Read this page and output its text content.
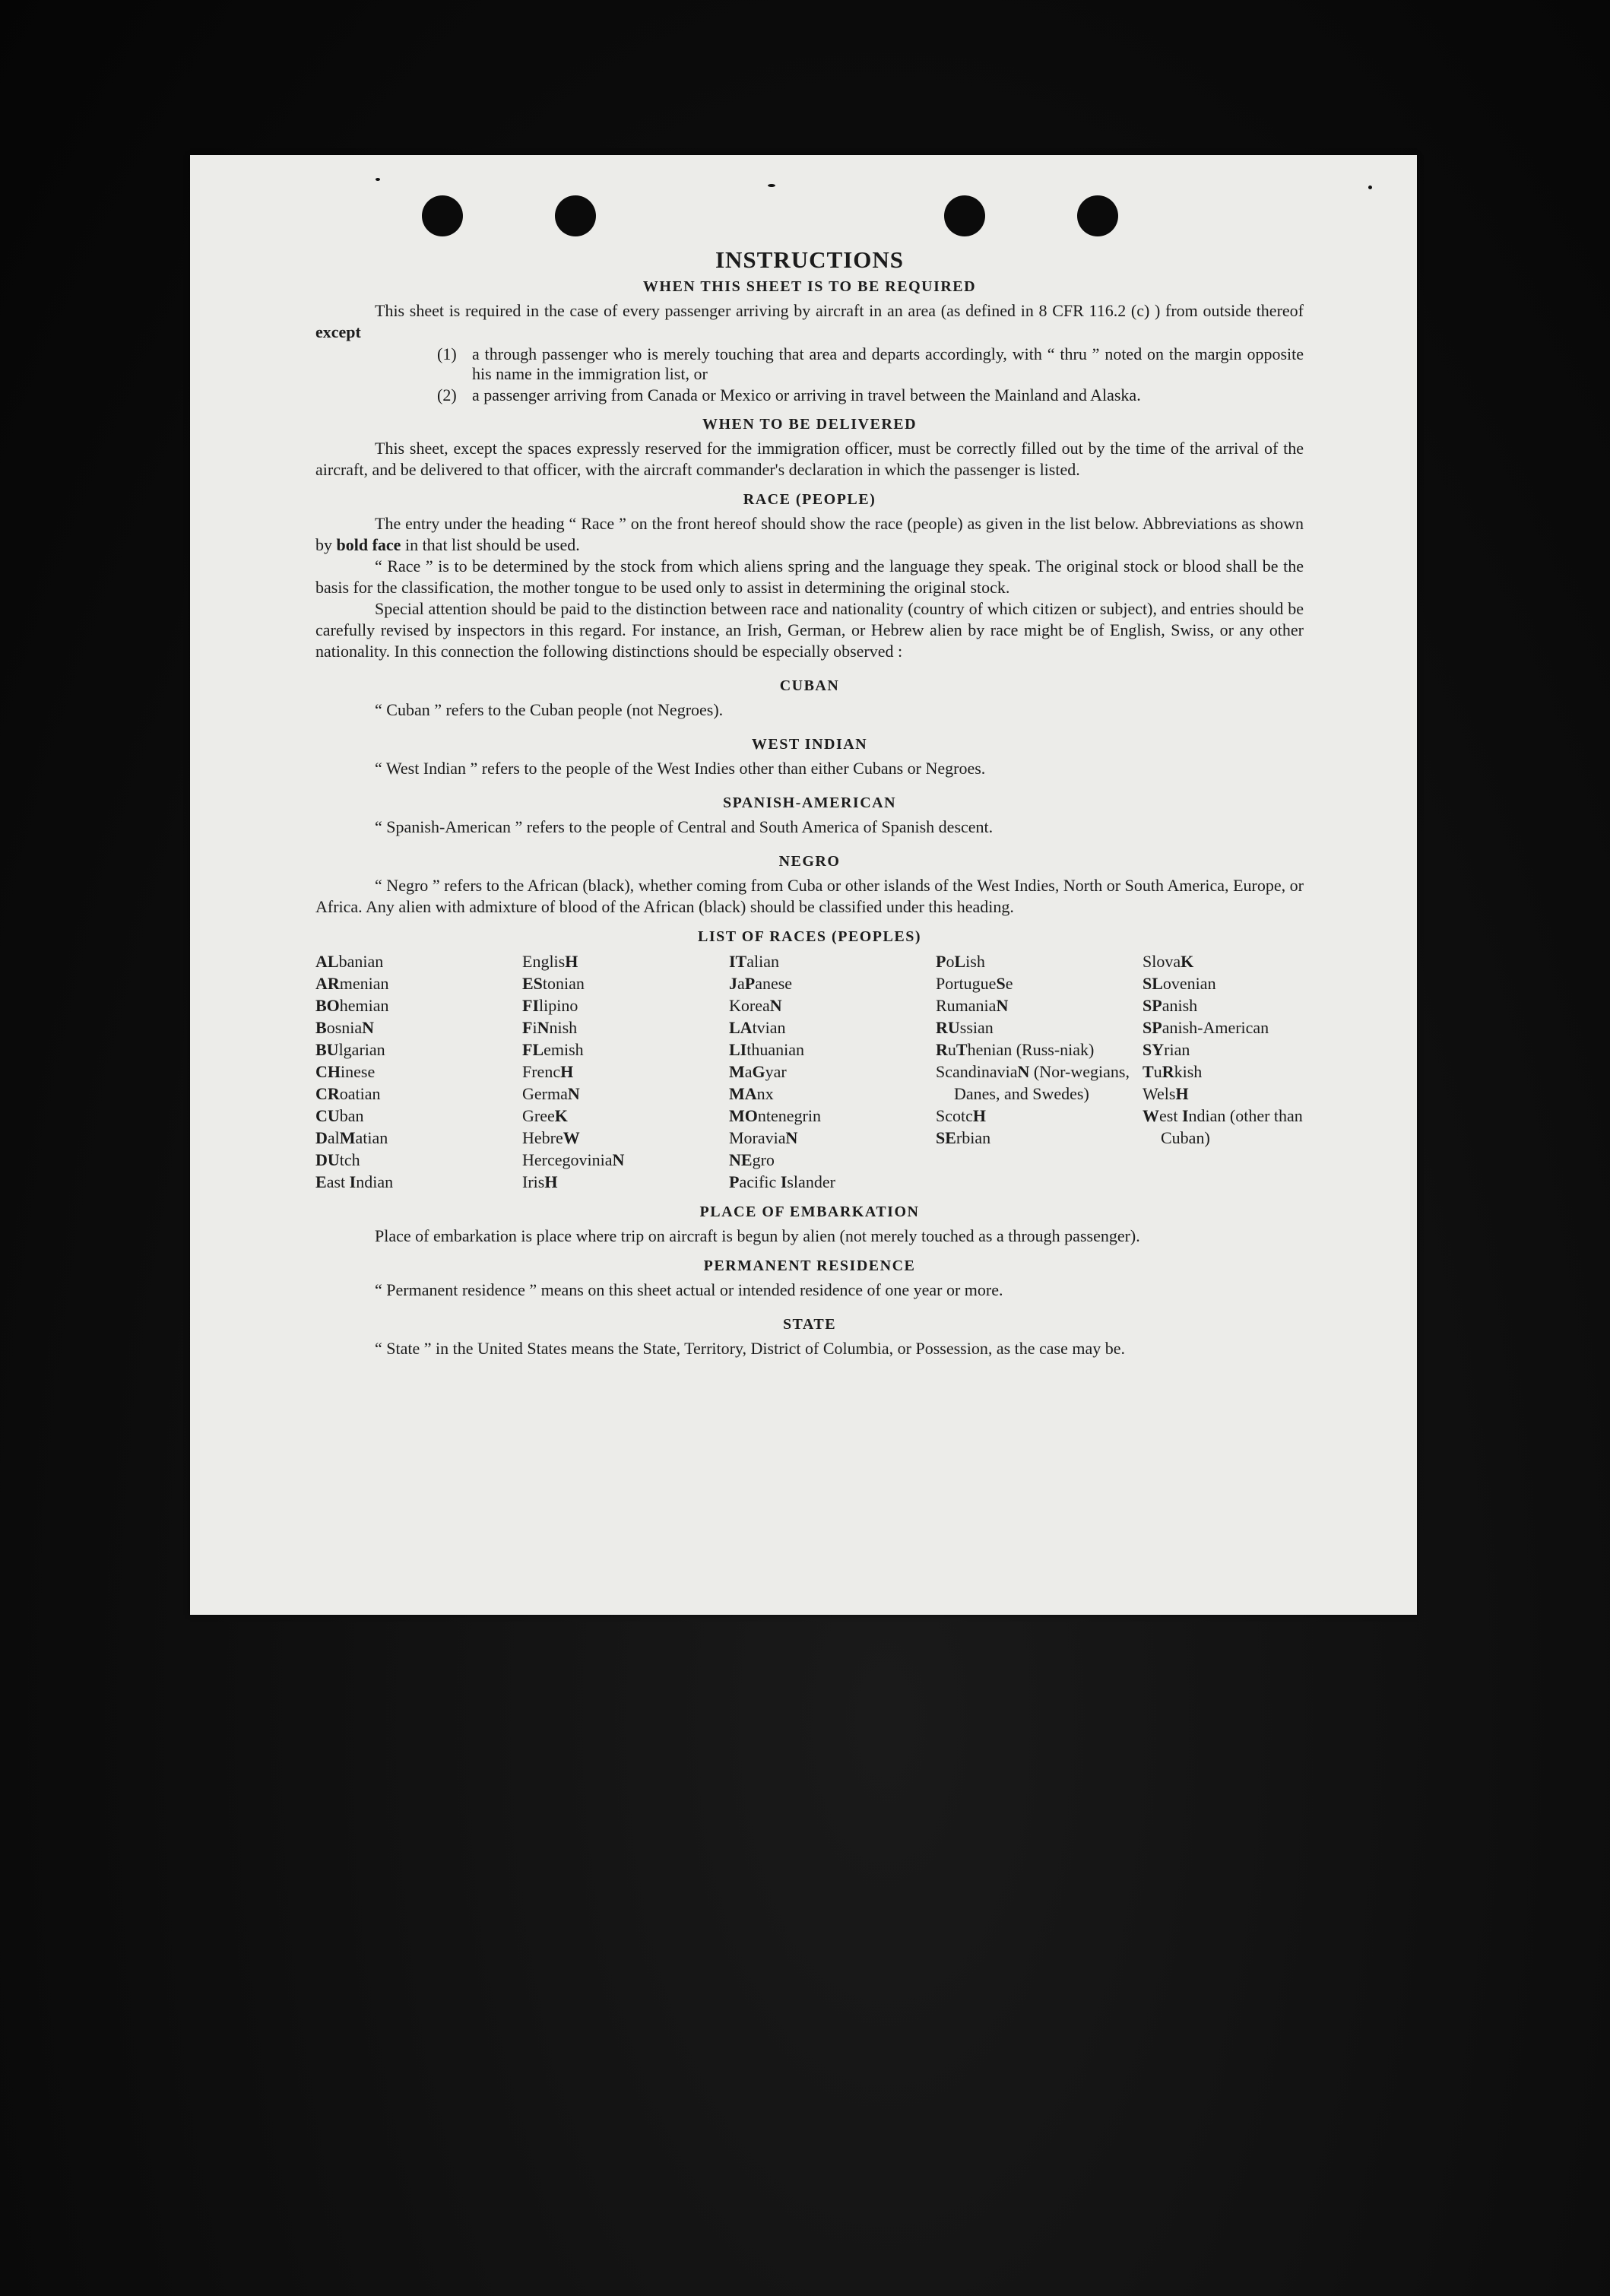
INSTRUCTIONS
WHEN THIS SHEET IS TO BE REQUIRED

This sheet is required in the case of every passenger arriving by aircraft in an area (as defined in 8 CFR 116.2 (c) ) from outside thereof except

(1) a through passenger who is merely touching that area and departs accordingly, with “ thru ” noted on the margin opposite his name in the immigration list, or
(2) a passenger arriving from Canada or Mexico or arriving in travel between the Mainland and Alaska.
WHEN TO BE DELIVERED

This sheet, except the spaces expressly reserved for the immigration officer, must be correctly filled out by the time of the arrival of the aircraft, and be delivered to that officer, with the aircraft commander's declaration in which the passenger is listed.

RACE (PEOPLE)

The entry under the heading “ Race ” on the front hereof should show the race (people) as given in the list below. Abbreviations as shown by bold face in that list should be used.

“ Race ” is to be determined by the stock from which aliens spring and the language they speak. The original stock or blood shall be the basis for the classification, the mother tongue to be used only to assist in determining the original stock.

Special attention should be paid to the distinction between race and nationality (country of which citizen or subject), and entries should be carefully revised by inspectors in this regard. For instance, an Irish, German, or Hebrew alien by race might be of English, Swiss, or any other nationality. In this connection the following distinctions should be especially observed :

CUBAN

“ Cuban ” refers to the Cuban people (not Negroes).

WEST INDIAN

“ West Indian ” refers to the people of the West Indies other than either Cubans or Negroes.

SPANISH-AMERICAN

“ Spanish-American ” refers to the people of Central and South America of Spanish descent.

NEGRO

“ Negro ” refers to the African (black), whether coming from Cuba or other islands of the West Indies, North or South America, Europe, or Africa. Any alien with admixture of blood of the African (black) should be classified under this heading.

LIST OF RACES (PEOPLES)
ALbanian
ARmenian
BOhemian
BosniaN
BUlgarian
CHinese
CRoatian
CUban
DalMatian
DUtch
East Indian
EnglisH
EStonian
FIlipino
FiNnish
FLemish
FrencH
GermaN
GreeK
HebreW
HercegoviniaN
IrisH
ITalian
JaPanese
KoreaN
LAtvian
LIthuanian
MaGyar
MAnx
MOntenegrin
MoraviaN
NEgro
Pacific Islander
PoLish
PortugueSe
RumaniaN
RUssian
RuThenian (Russ-niak)
ScandinaviaN (Nor-wegians, Danes, and Swedes)
ScotcH
SErbian
SlovaK
SLovenian
SPanish
SPanish-American
SYrian
TuRkish
WelsH
West Indian (other than Cuban)
PLACE OF EMBARKATION

Place of embarkation is place where trip on aircraft is begun by alien (not merely touched as a through passenger).

PERMANENT RESIDENCE

“ Permanent residence ” means on this sheet actual or intended residence of one year or more.

STATE

“ State ” in the United States means the State, Territory, District of Columbia, or Possession, as the case may be.
